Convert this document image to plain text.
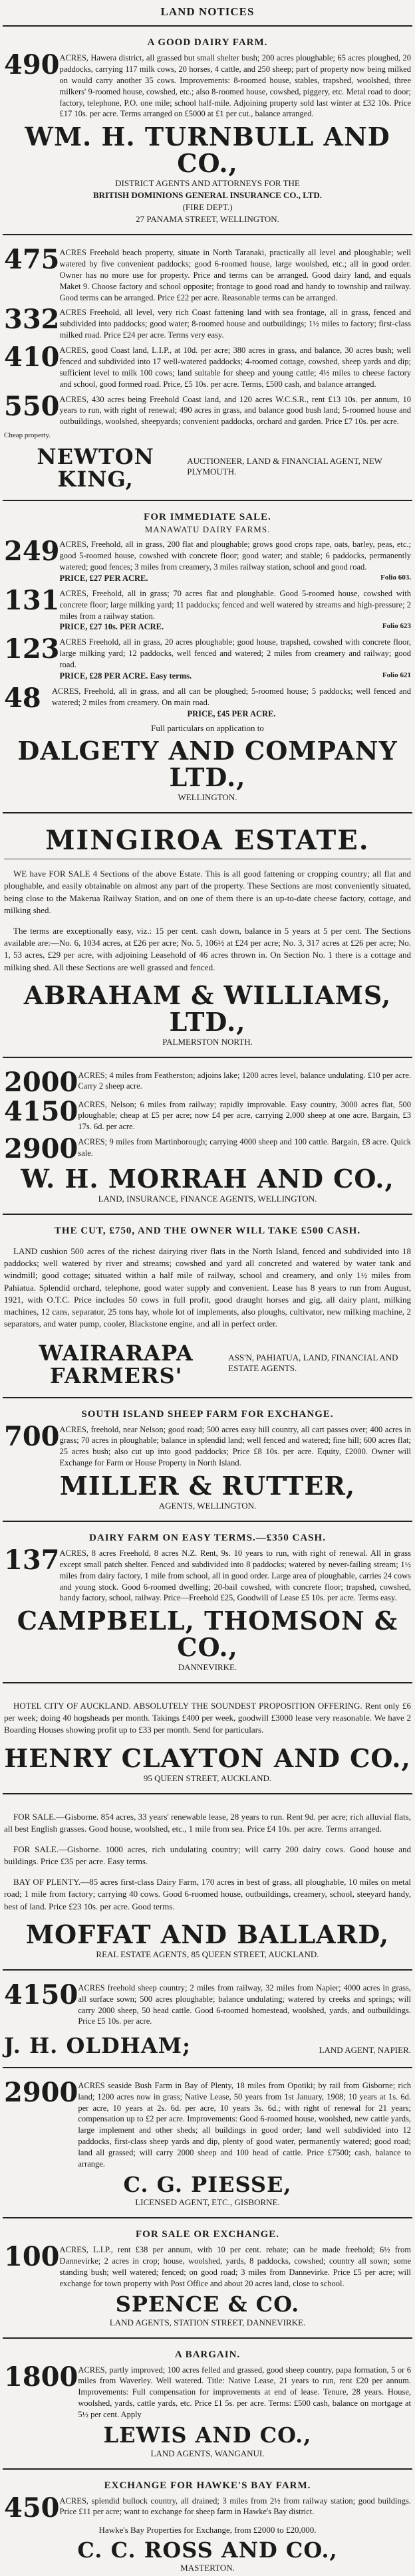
LAND NOTICES
A GOOD DAIRY FARM.
490 ACRES, Hawera district, all grassed but small shelter bush; 200 acres ploughable; 65 acres ploughed, 20 paddocks, carrying 117 milk cows, 20 horses, 4 cattle, and 250 sheep; part of property now being milked on would carry another 35 cows. Improvements: 8-roomed house, stables, trapshed, woolshed, three milkers' 9-roomed house, cowshed, etc.; also 8-roomed house, cowshed, piggery, etc. Metal road to door; factory, telephone, P.O. one mile; school half-mile. Adjoining property sold last winter at £32 10s. Price £17 10s. per acre. Terms arranged on £5000 at £1 per cut., balance arranged.
WM. H. TURNBULL AND CO.,
DISTRICT AGENTS AND ATTORNEYS FOR THE
BRITISH DOMINIONS GENERAL INSURANCE CO., LTD.
(FIRE DEPT.)
27 PANAMA STREET, WELLINGTON.
475 ACRES Freehold beach property, situate in North Taranaki, practically all level and ploughable; well watered by five convenient paddocks; good 6-roomed house, large woolshed, etc.; all in good order. Owner has no more use for property. Price and terms can be arranged. Good dairy land, and equals Maket 9. Choose factory and school opposite; frontage to good road and handy to township and railway. Good terms can be arranged. Price £22 per acre. Reasonable terms can be arranged.
332 ACRES Freehold, all level, very rich Coast fattening land with sea frontage, all in grass, fenced and subdivided into paddocks; good water; 8-roomed house and outbuildings; 1½ miles to factory; first-class milked road. Price £24 per acre. Terms very easy.
410 ACRES, good Coast land, L.I.P., at 10d. per acre; 380 acres in grass, and balance, 30 acres bush; well fenced and subdivided into 17 well-watered paddocks; 4-roomed cottage, cowshed, sheep yards and dip; sufficient level to milk 100 cows; land suitable for sheep and young cattle; 4½ miles to cheese factory and school, good formed road. Price, £5 10s. per acre. Terms, £500 cash, and balance arranged.
550 ACRES, 430 acres being Freehold Coast land, and 120 acres W.C.S.R., rent £13 10s. per annum, 10 years to run, with right of renewal; 490 acres in grass, and balance good bush land; 5-roomed house and outbuildings, woolshed, sheepyards; convenient paddocks, orchard and garden. Price £7 10s. per acre.
Cheap property.
NEWTON KING,
AUCTIONEER, LAND & FINANCIAL AGENT, NEW PLYMOUTH.
FOR IMMEDIATE SALE.
MANAWATU DAIRY FARMS.
249 ACRES, Freehold, all in grass, 200 flat and ploughable; grows good crops rape, oats, barley, peas, etc.; good 5-roomed house, cowshed with concrete floor; good water; and stable; 6 paddocks, permanently watered; good fences; 3 miles from creamery, 3 miles railway station, school and good road.
PRICE, £27 PER ACRE.	Folio 603.
131 ACRES, Freehold, all in grass; 70 acres flat and ploughable. Good 5-roomed house, cowshed with concrete floor; large milking yard; 11 paddocks; fenced and well watered by streams and high-pressure; 2 miles from a railway station.
PRICE, £27 10s. PER ACRE.	Folio 623
123 ACRES Freehold, all in grass, 20 acres ploughable; good house, trapshed, cowshed with concrete floor, large milking yard; 12 paddocks, well fenced and watered; 2 miles from creamery and railway; good road.
PRICE, £28 PER ACRE. Easy terms.	Folio 621
48	ACRES, Freehold, all in grass, and all can be ploughed; 5-roomed house; 5 paddocks; well fenced and watered; 2 miles from creamery. On main road.
PRICE, £45 PER ACRE.
Full particulars on application to
DALGETY AND COMPANY LTD.,
WELLINGTON.
MINGIROA ESTATE.

WE have FOR SALE 4 Sections of the above Estate. This is all good fattening or cropping country; all flat and ploughable, and easily obtainable on almost any part of the property. These Sections are most conveniently situated, being close to the Makerua Railway Station, and on one of them there is an up-to-date cheese factory, cottage, and milking shed.

The terms are exceptionally easy, viz.: 15 per cent. cash down, balance in 5 years at 5 per cent. The Sections available are:—No. 6, 1034 acres, at £26 per acre; No. 5, 106½ at £24 per acre; No. 3, 317 acres at £26 per acre; No. 1, 53 acres, £29 per acre, with adjoining Leasehold of 46 acres thrown in. On Section No. 1 there is a cottage and milking shed. All these Sections are well grassed and fenced.

ABRAHAM & WILLIAMS, LTD.,
PALMERSTON NORTH.
2000 ACRES; 4 miles from Featherston; adjoins lake; 1200 acres level, balance undulating. £10 per acre. Carry 2 sheep acre.
4150 ACRES, Nelson; 6 miles from railway; rapidly improvable. Easy country, 3000 acres flat, 500 ploughable; cheap at £5 per acre; now £4 per acre, carrying 2,000 sheep at one acre. Bargain, £3 17s. 6d. per acre.
2900 ACRES; 9 miles from Martinborough; carrying 4000 sheep and 100 cattle. Bargain, £8 acre. Quick sale.
W. H. MORRAH AND CO.,
LAND, INSURANCE, FINANCE AGENTS, WELLINGTON.
THE CUT, £750, AND THE OWNER WILL TAKE £500 CASH.

LAND cushion 500 acres of the richest dairying river flats in the North Island, fenced and subdivided into 18 paddocks; well watered by river and streams; cowshed and yard all concreted and watered by water tank and windmill; good cottage; situated within a half mile of railway, school and creamery, and only 1½ miles from Pahiatua. Splendid orchard, telephone, good water supply and convenient. Lease has 8 years to run from August, 1921, with O.T.C. Price includes 50 cows in full profit, good draught horses and gig, all dairy plant, milking machines, 12 cans, separator, 25 tons hay, whole lot of implements, also ploughs, cultivator, new milking machine, 2 separators, and water pump, cooler, Blackstone engine, and all in perfect order.

WAIRARAPA FARMERS'
ASS'N, PAHIATUA, LAND, FINANCIAL AND ESTATE AGENTS.
SOUTH ISLAND SHEEP FARM FOR EXCHANGE.
700 ACRES, freehold, near Nelson; good road; 500 acres easy hill country, all cart passes over; 400 acres in grass; 70 acres in ploughable; balance in splendid land; well fenced and watered; fine hill; 600 acres flat; 25 acres bush; also cut up into good paddocks; Price £8 10s. per acre. Equity, £2000. Owner will Exchange for Farm or House Property in North Island.
MILLER & RUTTER,
AGENTS, WELLINGTON.
DAIRY FARM ON EASY TERMS.—£350 CASH.
137 ACRES, 8 acres Freehold, 8 acres N.Z. Rent, 9s. 10 years to run, with right of renewal. All in grass except small patch shelter. Fenced and subdivided into 8 paddocks; watered by never-failing stream; 1½ miles from dairy factory, 1 mile from school, all in good order. Large area of ploughable, carries 24 cows and young stock. Good 6-roomed dwelling; 20-bail cowshed, with concrete floor; trapshed, cowshed, handy factory, school, railway. Price—Freehold £25, Goodwill of Lease £5 10s. per acre. Terms easy.
CAMPBELL, THOMSON & CO.,
DANNEVIRKE.

HOTEL CITY OF AUCKLAND. ABSOLUTELY THE SOUNDEST PROPOSITION OFFERING. Rent only £6 per week; doing 40 hogsheads per month. Takings £400 per week, goodwill £3000 lease very reasonable. We have 2 Boarding Houses showing profit up to £33 per month. Send for particulars.

HENRY CLAYTON AND CO.,
95 QUEEN STREET, AUCKLAND.

FOR SALE.—Gisborne. 854 acres, 33 years' renewable lease, 28 years to run. Rent 9d. per acre; rich alluvial flats, all best English grasses. Good house, woolshed, etc., 1 mile from sea. Price £4 10s. per acre. Terms arranged.

FOR SALE.—Gisborne. 1000 acres, rich undulating country; will carry 200 dairy cows. Good house and buildings. Price £35 per acre. Easy terms.

BAY OF PLENTY.—85 acres first-class Dairy Farm, 170 acres in best of grass, all ploughable, 10 miles on metal road; 1 mile from factory; carrying 40 cows. Good 6-roomed house, outbuildings, creamery, school, steeyard handy, best of land. Price £23 10s. per acre. Good terms.

MOFFAT AND BALLARD,
REAL ESTATE AGENTS, 85 QUEEN STREET, AUCKLAND.
4150 ACRES freehold sheep country; 2 miles from railway, 32 miles from Napier; 4000 acres in grass, all surface sown; 500 acres ploughable; balance undulating; watered by creeks and springs; will carry 2000 sheep, 50 head cattle. Good 6-roomed homestead, woolshed, yards, and outbuildings. Price £5 10s. per acre.
J. H. OLDHAM;	LAND AGENT, NAPIER.
2900 ACRES seaside Bush Farm in Bay of Plenty, 18 miles from Opotiki; by rail from Gisborne; rich land; 1200 acres now in grass; Native Lease, 50 years from 1st January, 1908; 10 years at 1s. 6d. per acre, 10 years at 2s. 6d. per acre, 10 years 3s. 6d.; with right of renewal for 21 years; compensation up to £2 per acre. Improvements: Good 6-roomed house, woolshed, new cattle yards, large implement and other sheds; all buildings in good order; land well subdivided into 12 paddocks, first-class sheep yards and dip, plenty of good water, permanently watered; good road; land all grassed; will carry 2000 sheep and 100 head of cattle. Price £7500; cash, balance to arrange.
C. G. PIESSE,
LICENSED AGENT, ETC., GISBORNE.
FOR SALE OR EXCHANGE.
100 ACRES, L.I.P., rent £38 per annum, with 10 per cent. rebate; can be made freehold; 6½ from Dannevirke; 2 acres in crop; house, woolshed, yards, 8 paddocks, cowshed; country all sown; some standing bush; well watered; fenced; on good road; 3 miles from Dannevirke. Price £5 per acre; will exchange for town property with Post Office and about 20 acres land, close to school.
SPENCE & CO.
LAND AGENTS, STATION STREET, DANNEVIRKE.
A BARGAIN.
1800 ACRES, partly improved; 100 acres felled and grassed, good sheep country, papa formation, 5 or 6 miles from Waverley. Well watered. Title: Native Lease, 21 years to run, rent £20 per annum. Improvements: Full compensation for improvements at end of lease. Tenure, 28 years. House, woolshed, yards, cattle yards, etc. Price £1 5s. per acre. Terms: £500 cash, balance on mortgage at 5½ per cent. Apply
LEWIS AND CO.,
LAND AGENTS, WANGANUI.
EXCHANGE FOR HAWKE'S BAY FARM.
450 ACRES, splendid bullock country, all drained; 3 miles from 2½ from railway station; good buildings. Price £11 per acre; want to exchange for sheep farm in Hawke's Bay district.
Hawke's Bay Properties for Exchange, from £2000 to £20,000.
C. C. ROSS AND CO.,
MASTERTON.
